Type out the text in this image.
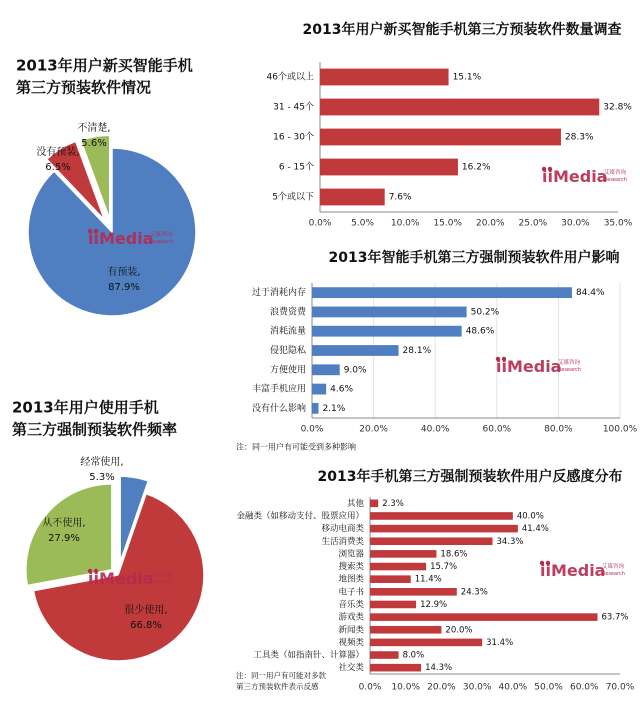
2013年用户新买智能手机
第三方预装软件情况
有预装,
87.9%
没有预装,
6.5%
不清楚,
5.6%
iiMedia
艾媒咨询
Research
2013年用户使用手机
第三方强制预装软件频率
经常使用,
5.3%
很少使用,
66.8%
从不使用,
27.9%
iiMedia
艾媒咨询
Research
2013年用户新买智能手机第三方预装软件数量调查
0.0% 5.0% 10.0% 15.0% 20.0% 25.0% 30.0% 35.0%
46个或以上	15.1%
31 - 45个	32.8%
16 - 30个	28.3%
6 - 15个	16.2%
5个或以下	7.6%
iiMedia
艾媒咨询
Research
2013年智能手机第三方强制预装软件用户影响
0.0%	20.0%	40.0%	60.0%	80.0%	100.0%
过于消耗内存	84.4%
浪费资费	50.2%
消耗流量	48.6%
侵犯隐私	28.1%
方便使用	9.0%
丰富手机应用	4.6%
没有什么影响 2.1%
iiMedia
艾媒咨询
Research
注：同一用户有可能受到多种影响
2013年手机第三方强制预装软件用户反感度分布
0.0% 10.0% 20.0% 30.0% 40.0% 50.0% 60.0% 70.0%
其他 2.3%
金融类（如移动支付、股票应用）	40.0%
移动电商类	41.4%
生活消费类	34.3%
浏览器	18.6%
搜索类	15.7%
地图类	11.4%
电子书	24.3%
音乐类	12.9%
游戏类	63.7%
新闻类	20.0%
视频类	31.4%
工具类（如指南针、计算器）	8.0%
社交类	14.3%
iiMedia
艾媒咨询
Research
注：同一用户有可能对多款
第三方预装软件表示反感
